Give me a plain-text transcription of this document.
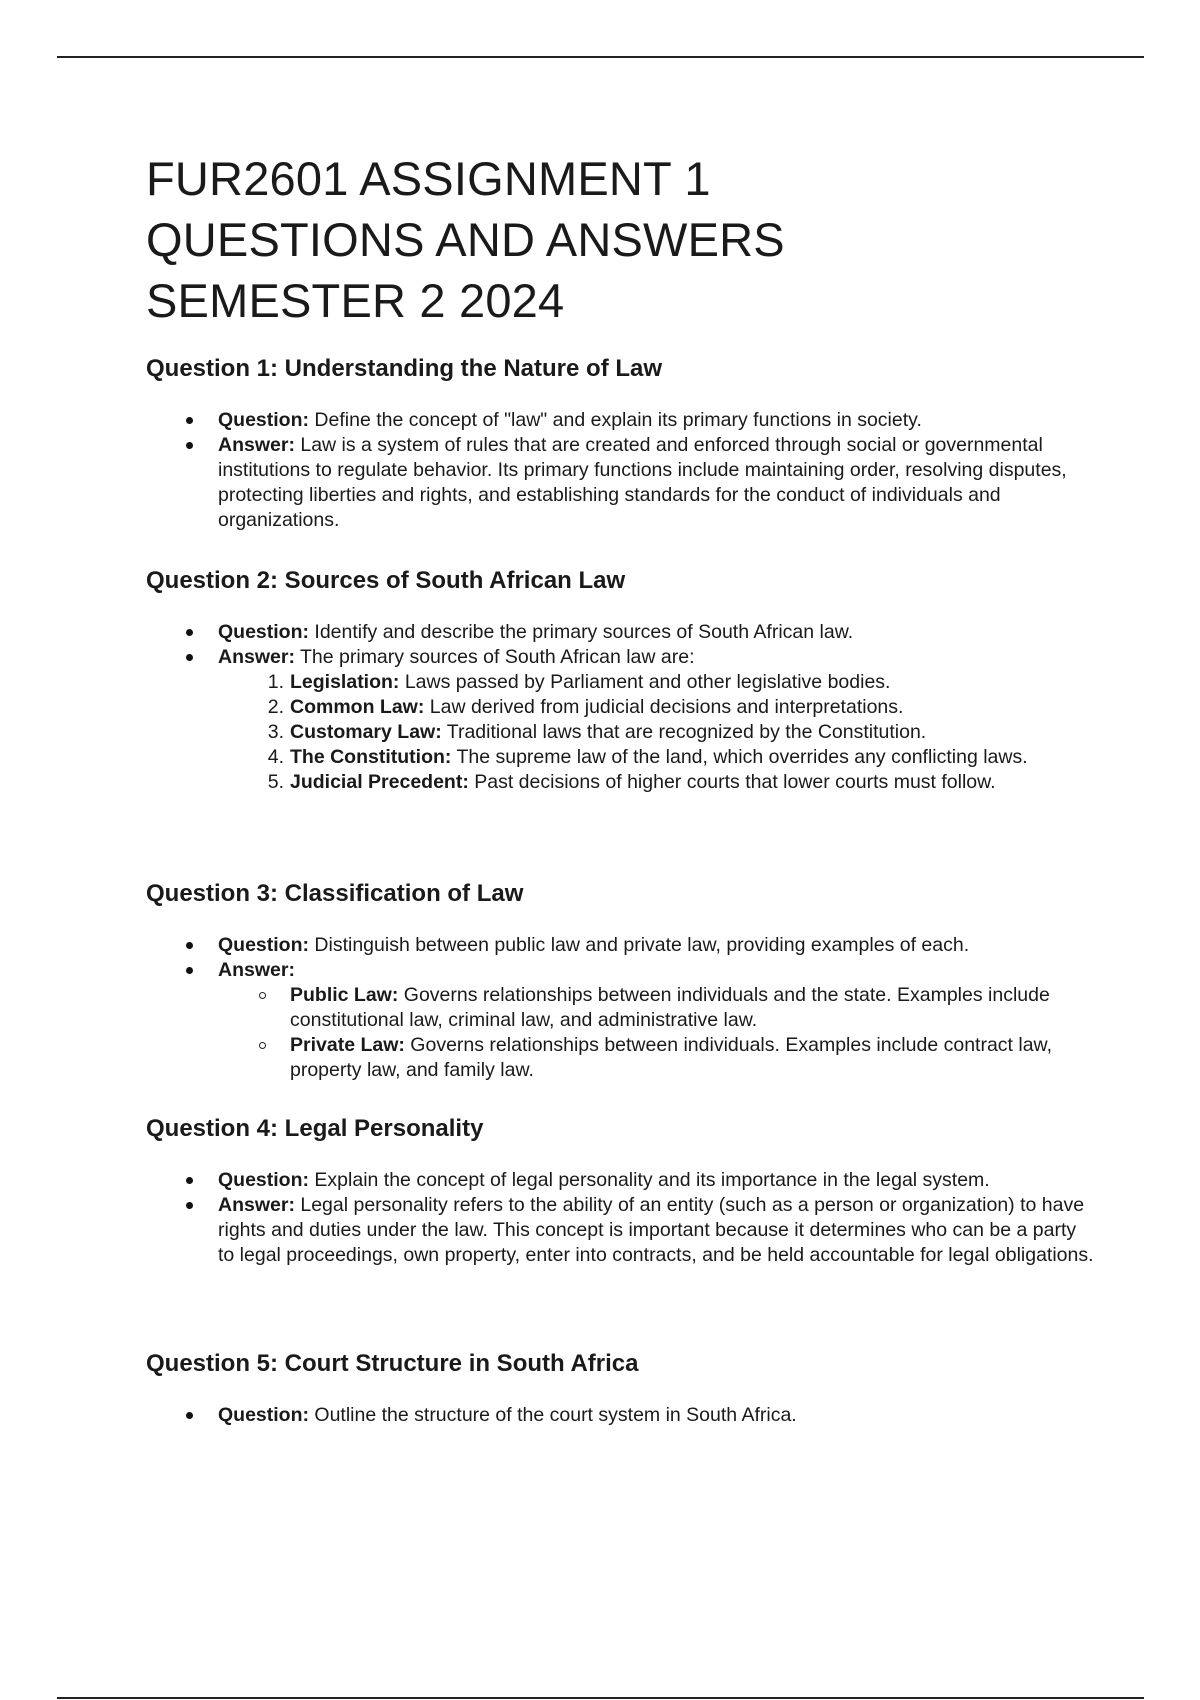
FUR2601 ASSIGNMENT 1
QUESTIONS AND ANSWERS
SEMESTER 2 2024
Question 1: Understanding the Nature of Law
Question: Define the concept of "law" and explain its primary functions in society.
Answer: Law is a system of rules that are created and enforced through social or governmental institutions to regulate behavior. Its primary functions include maintaining order, resolving disputes, protecting liberties and rights, and establishing standards for the conduct of individuals and organizations.
Question 2: Sources of South African Law
Question: Identify and describe the primary sources of South African law.
Answer: The primary sources of South African law are:
1. Legislation: Laws passed by Parliament and other legislative bodies.
2. Common Law: Law derived from judicial decisions and interpretations.
3. Customary Law: Traditional laws that are recognized by the Constitution.
4. The Constitution: The supreme law of the land, which overrides any conflicting laws.
5. Judicial Precedent: Past decisions of higher courts that lower courts must follow.
Question 3: Classification of Law
Question: Distinguish between public law and private law, providing examples of each.
Answer:
Public Law: Governs relationships between individuals and the state. Examples include constitutional law, criminal law, and administrative law.
Private Law: Governs relationships between individuals. Examples include contract law, property law, and family law.
Question 4: Legal Personality
Question: Explain the concept of legal personality and its importance in the legal system.
Answer: Legal personality refers to the ability of an entity (such as a person or organization) to have rights and duties under the law. This concept is important because it determines who can be a party to legal proceedings, own property, enter into contracts, and be held accountable for legal obligations.
Question 5: Court Structure in South Africa
Question: Outline the structure of the court system in South Africa.
